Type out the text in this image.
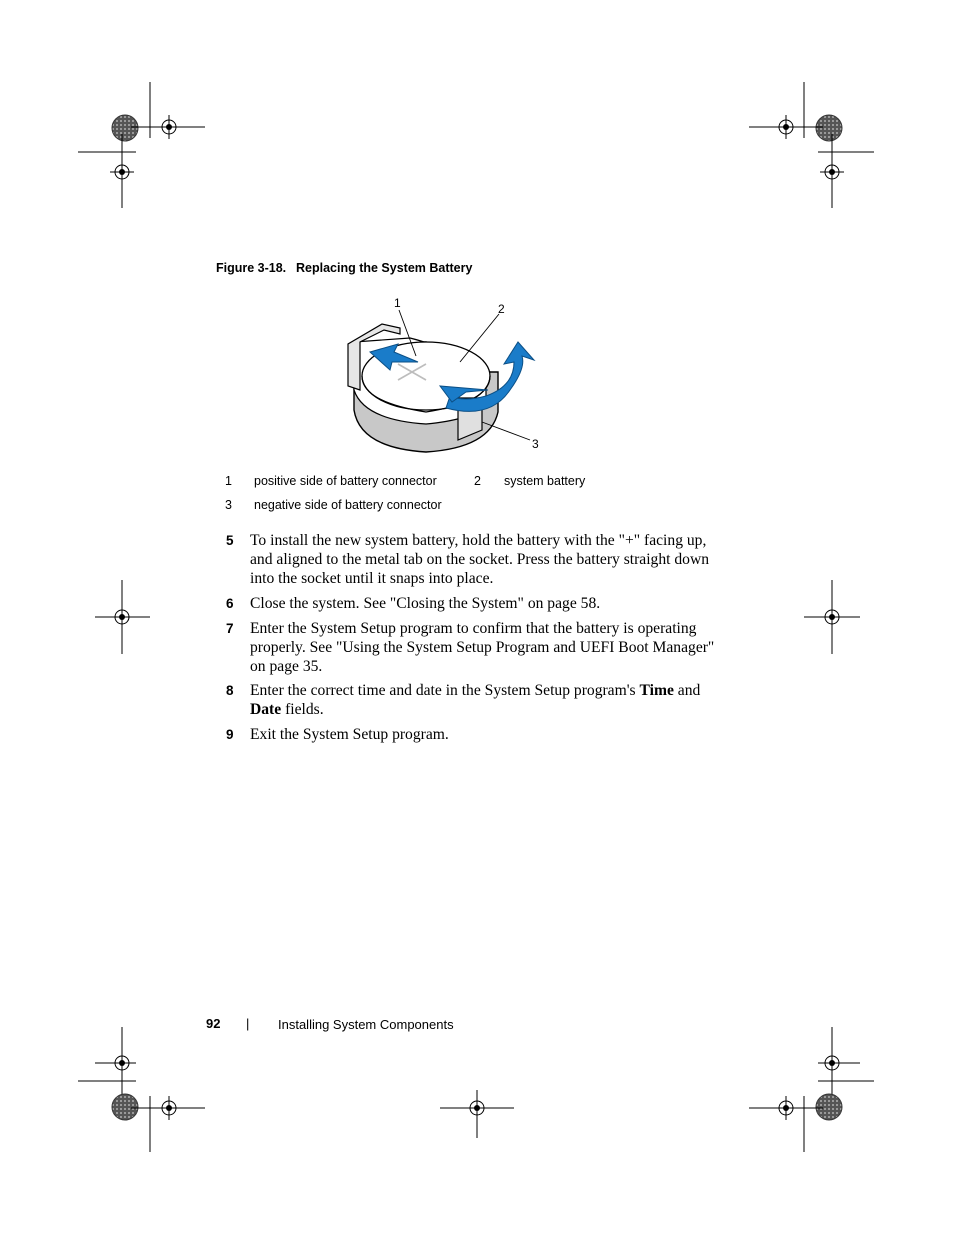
Figure 3-18. Replacing the System Battery
1	2
3
1 positive side of battery connector	2 system battery
3 negative side of battery connector
5 To install the new system battery, hold the battery with the "+" facing up, and aligned to the metal tab on the socket. Press the battery straight down into the socket until it snaps into place.
6 Close the system. See "Closing the System" on page 58.
7 Enter the System Setup program to confirm that the battery is operating properly. See "Using the System Setup Program and UEFI Boot Manager" on page 35.
8 Enter the correct time and date in the System Setup program's Time and Date fields.
9 Exit the System Setup program.
92 | Installing System Components
